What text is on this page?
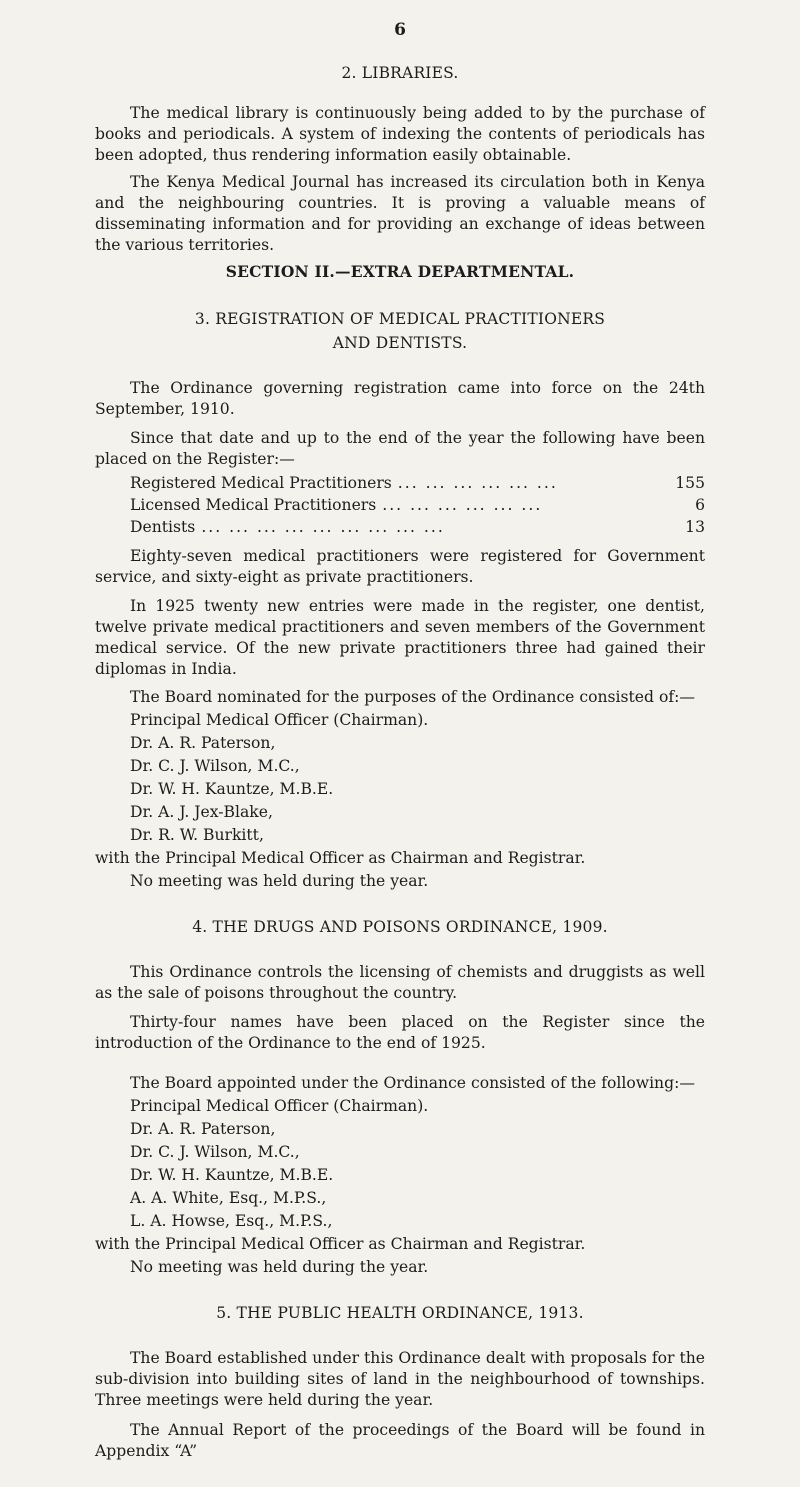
6
2. LIBRARIES.
The medical library is continuously being added to by the purchase of books and periodicals. A system of indexing the contents of periodicals has been adopted, thus rendering information easily obtainable.
The Kenya Medical Journal has increased its circulation both in Kenya and the neighbouring countries. It is proving a valuable means of disseminating information and for providing an exchange of ideas between the various territories.
SECTION II.—EXTRA DEPARTMENTAL.
3. REGISTRATION OF MEDICAL PRACTITIONERS
AND DENTISTS.
The Ordinance governing registration came into force on the 24th September, 1910.
Since that date and up to the end of the year the following have been placed on the Register:—
Registered Medical Practitioners ... ... ... ... ... ...	155
Licensed Medical Practitioners ... ... ... ... ... ...	6
Dentists ... ... ... ... ... ... ... ... ...	13
Eighty-seven medical practitioners were registered for Government service, and sixty-eight as private practitioners.
In 1925 twenty new entries were made in the register, one dentist, twelve private medical practitioners and seven members of the Government medical service. Of the new private practitioners three had gained their diplomas in India.
The Board nominated for the purposes of the Ordinance consisted of:—
Principal Medical Officer (Chairman).
Dr. A. R. Paterson,
Dr. C. J. Wilson, M.C.,
Dr. W. H. Kauntze, M.B.E.
Dr. A. J. Jex-Blake,
Dr. R. W. Burkitt,
with the Principal Medical Officer as Chairman and Registrar.
No meeting was held during the year.
4. THE DRUGS AND POISONS ORDINANCE, 1909.
This Ordinance controls the licensing of chemists and druggists as well as the sale of poisons throughout the country.
Thirty-four names have been placed on the Register since the introduction of the Ordinance to the end of 1925.
The Board appointed under the Ordinance consisted of the following:—
Principal Medical Officer (Chairman).
Dr. A. R. Paterson,
Dr. C. J. Wilson, M.C.,
Dr. W. H. Kauntze, M.B.E.
A. A. White, Esq., M.P.S.,
L. A. Howse, Esq., M.P.S.,
with the Principal Medical Officer as Chairman and Registrar.
No meeting was held during the year.
5. THE PUBLIC HEALTH ORDINANCE, 1913.
The Board established under this Ordinance dealt with proposals for the sub-division into building sites of land in the neighbourhood of townships. Three meetings were held during the year.
The Annual Report of the proceedings of the Board will be found in Appendix “A”
